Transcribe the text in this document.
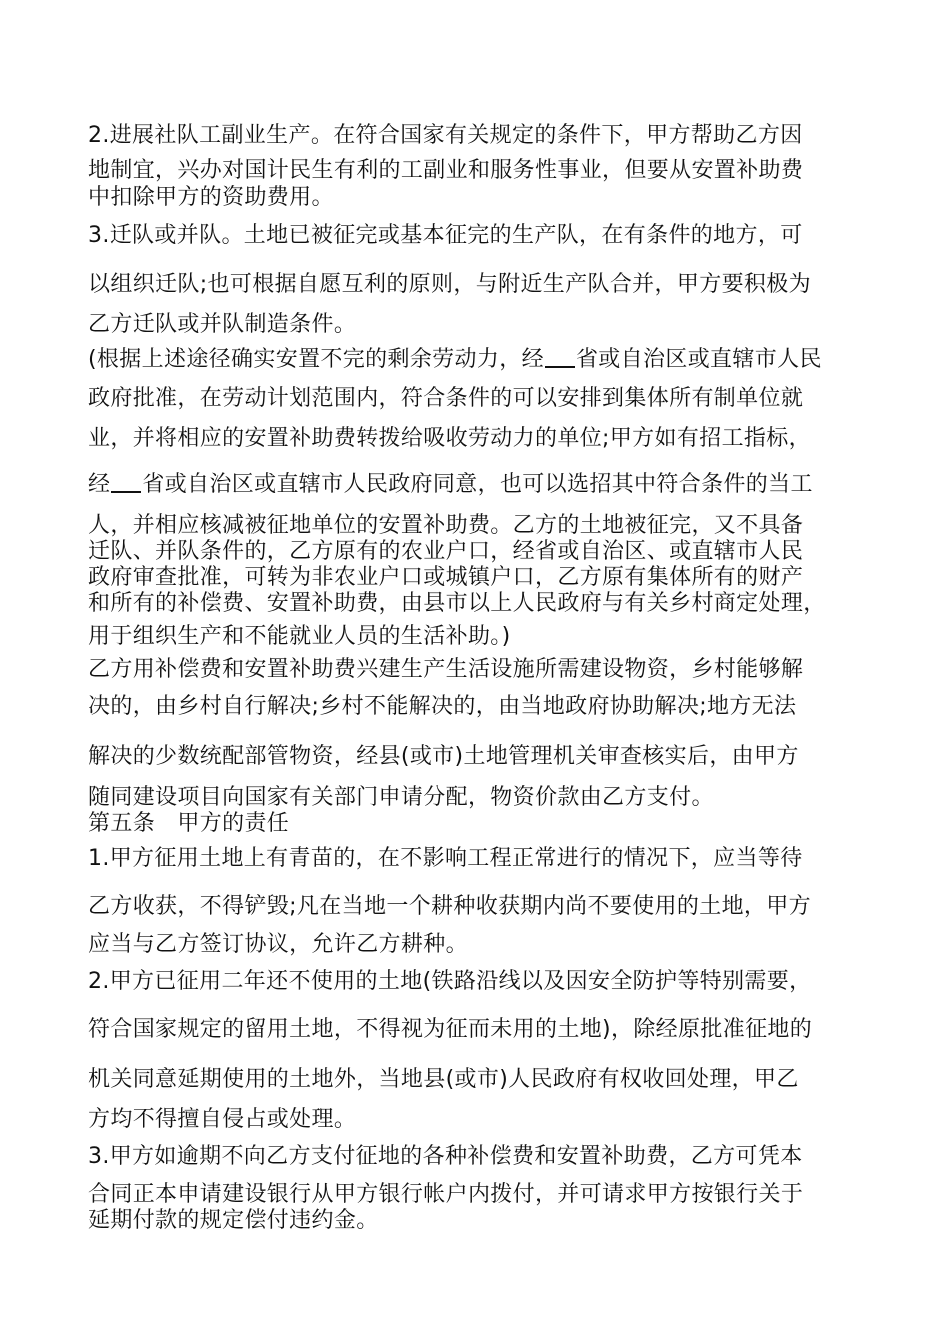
2.进展社队工副业生产。在符合国家有关规定的条件下，甲方帮助乙方因

地制宜，兴办对国计民生有利的工副业和服务性事业，但要从安置补助费

中扣除甲方的资助费用。

3.迁队或并队。土地已被征完或基本征完的生产队，在有条件的地方，可

以组织迁队;也可根据自愿互利的原则，与附近生产队合并，甲方要积极为

乙方迁队或并队制造条件。

(根据上述途径确实安置不完的剩余劳动力，经 省或自治区或直辖市人民

政府批准，在劳动计划范围内，符合条件的可以安排到集体所有制单位就

业，并将相应的安置补助费转拨给吸收劳动力的单位;甲方如有招工指标，

经 省或自治区或直辖市人民政府同意，也可以选招其中符合条件的当工

人，并相应核减被征地单位的安置补助费。乙方的土地被征完，又不具备

迁队、并队条件的，乙方原有的农业户口，经省或自治区、或直辖市人民

政府审查批准，可转为非农业户口或城镇户口，乙方原有集体所有的财产

和所有的补偿费、安置补助费，由县市以上人民政府与有关乡村商定处理，

用于组织生产和不能就业人员的生活补助。)

乙方用补偿费和安置补助费兴建生产生活设施所需建设物资，乡村能够解

决的，由乡村自行解决;乡村不能解决的，由当地政府协助解决;地方无法

解决的少数统配部管物资，经县(或市)土地管理机关审查核实后，由甲方

随同建设项目向国家有关部门申请分配，物资价款由乙方支付。

第五条　甲方的责任

1.甲方征用土地上有青苗的，在不影响工程正常进行的情况下，应当等待

乙方收获，不得铲毁;凡在当地一个耕种收获期内尚不要使用的土地，甲方

应当与乙方签订协议，允许乙方耕种。

2.甲方已征用二年还不使用的土地(铁路沿线以及因安全防护等特别需要，

符合国家规定的留用土地，不得视为征而未用的土地)，除经原批准征地的

机关同意延期使用的土地外，当地县(或市)人民政府有权收回处理，甲乙

方均不得擅自侵占或处理。

3.甲方如逾期不向乙方支付征地的各种补偿费和安置补助费，乙方可凭本

合同正本申请建设银行从甲方银行帐户内拨付，并可请求甲方按银行关于

延期付款的规定偿付违约金。
